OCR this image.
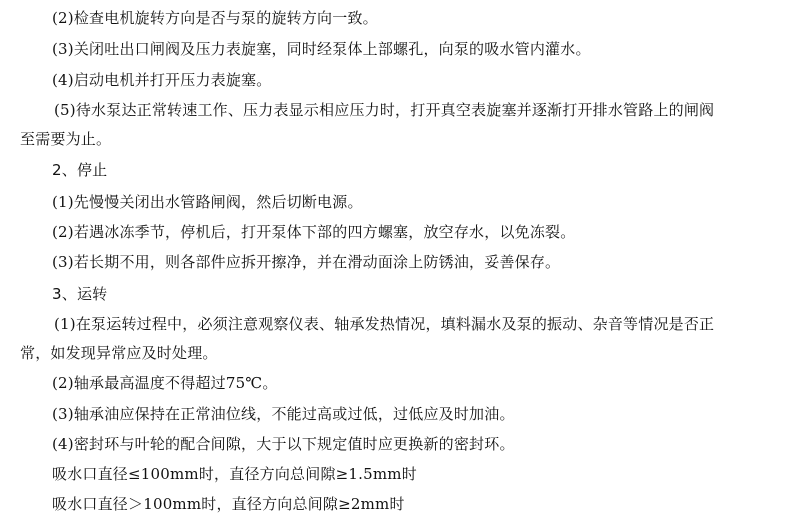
(2)检查电机旋转方向是否与泵的旋转方向一致。
(3)关闭吐出口闸阀及压力表旋塞，同时经泵体上部螺孔，向泵的吸水管内灌水。
(4)启动电机并打开压力表旋塞。
(5)待水泵达正常转速工作、压力表显示相应压力时，打开真空表旋塞并逐渐打开排水管路上的闸阀
至需要为止。
2、停止
(1)先慢慢关闭出水管路闸阀，然后切断电源。
(2)若遇冰冻季节，停机后，打开泵体下部的四方螺塞，放空存水，以免冻裂。
(3)若长期不用，则各部件应拆开擦净，并在滑动面涂上防锈油，妥善保存。
3、运转
(1)在泵运转过程中，必须注意观察仪表、轴承发热情况，填料漏水及泵的振动、杂音等情况是否正
常，如发现异常应及时处理。
(2)轴承最高温度不得超过75℃。
(3)轴承油应保持在正常油位线，不能过高或过低，过低应及时加油。
(4)密封环与叶轮的配合间隙，大于以下规定值时应更换新的密封环。
吸水口直径≤100mm时，直径方向总间隙≥1.5mm时
吸水口直径＞100mm时，直径方向总间隙≥2mm时
